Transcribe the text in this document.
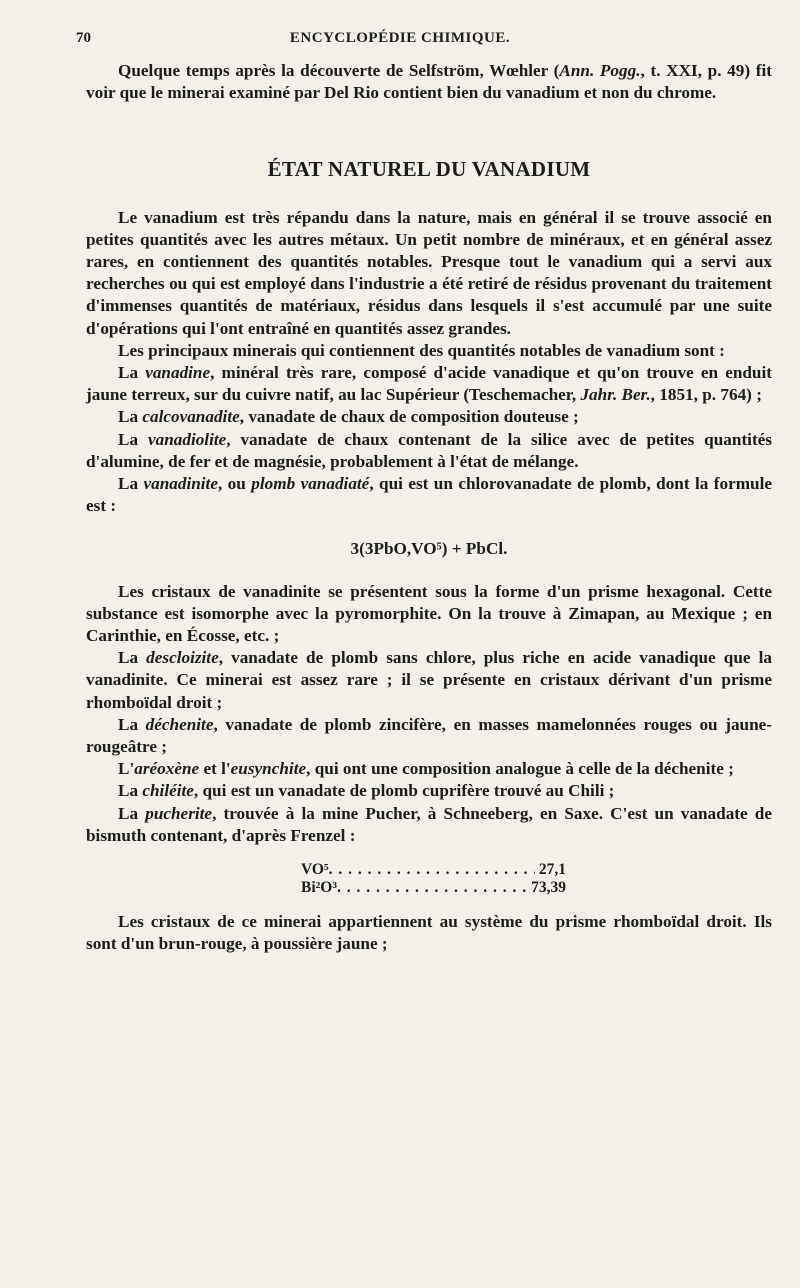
70	ENCYCLOPÉDIE CHIMIQUE.

Quelque temps après la découverte de Selfström, Wœhler (Ann. Pogg., t. XXI, p. 49) fit voir que le minerai examiné par Del Rio contient bien du vanadium et non du chrome.

ÉTAT NATUREL DU VANADIUM

Le vanadium est très répandu dans la nature, mais en général il se trouve associé en petites quantités avec les autres métaux. Un petit nombre de minéraux, et en général assez rares, en contiennent des quantités notables. Presque tout le vanadium qui a servi aux recherches ou qui est employé dans l'industrie a été retiré de résidus provenant du traitement d'immenses quantités de matériaux, résidus dans lesquels il s'est accumulé par une suite d'opérations qui l'ont entraîné en quantités assez grandes.

Les principaux minerais qui contiennent des quantités notables de vanadium sont :

La vanadine, minéral très rare, composé d'acide vanadique et qu'on trouve en enduit jaune terreux, sur du cuivre natif, au lac Supérieur (Teschemacher, Jahr. Ber., 1851, p. 764) ;

La calcovanadite, vanadate de chaux de composition douteuse ;

La vanadiolite, vanadate de chaux contenant de la silice avec de petites quantités d'alumine, de fer et de magnésie, probablement à l'état de mélange.

La vanadinite, ou plomb vanadiaté, qui est un chlorovanadate de plomb, dont la formule est :

3(3PbO,VO⁵) + PbCl.

Les cristaux de vanadinite se présentent sous la forme d'un prisme hexagonal. Cette substance est isomorphe avec la pyromorphite. On la trouve à Zimapan, au Mexique ; en Carinthie, en Écosse, etc. ;

La descloizite, vanadate de plomb sans chlore, plus riche en acide vanadique que la vanadinite. Ce minerai est assez rare ; il se présente en cristaux dérivant d'un prisme rhomboïdal droit ;

La déchenite, vanadate de plomb zincifère, en masses mamelonnées rouges ou jaune-rougeâtre ;

L'aréoxène et l'eusynchite, qui ont une composition analogue à celle de la déchenite ;

La chiléite, qui est un vanadate de plomb cuprifère trouvé au Chili ;

La pucherite, trouvée à la mine Pucher, à Schneeberg, en Saxe. C'est un vanadate de bismuth contenant, d'après Frenzel :

VO⁵ . . .	27,1
Bi²O³ . . .	73,39

Les cristaux de ce minerai appartiennent au système du prisme rhomboïdal droit. Ils sont d'un brun-rouge, à poussière jaune ;
